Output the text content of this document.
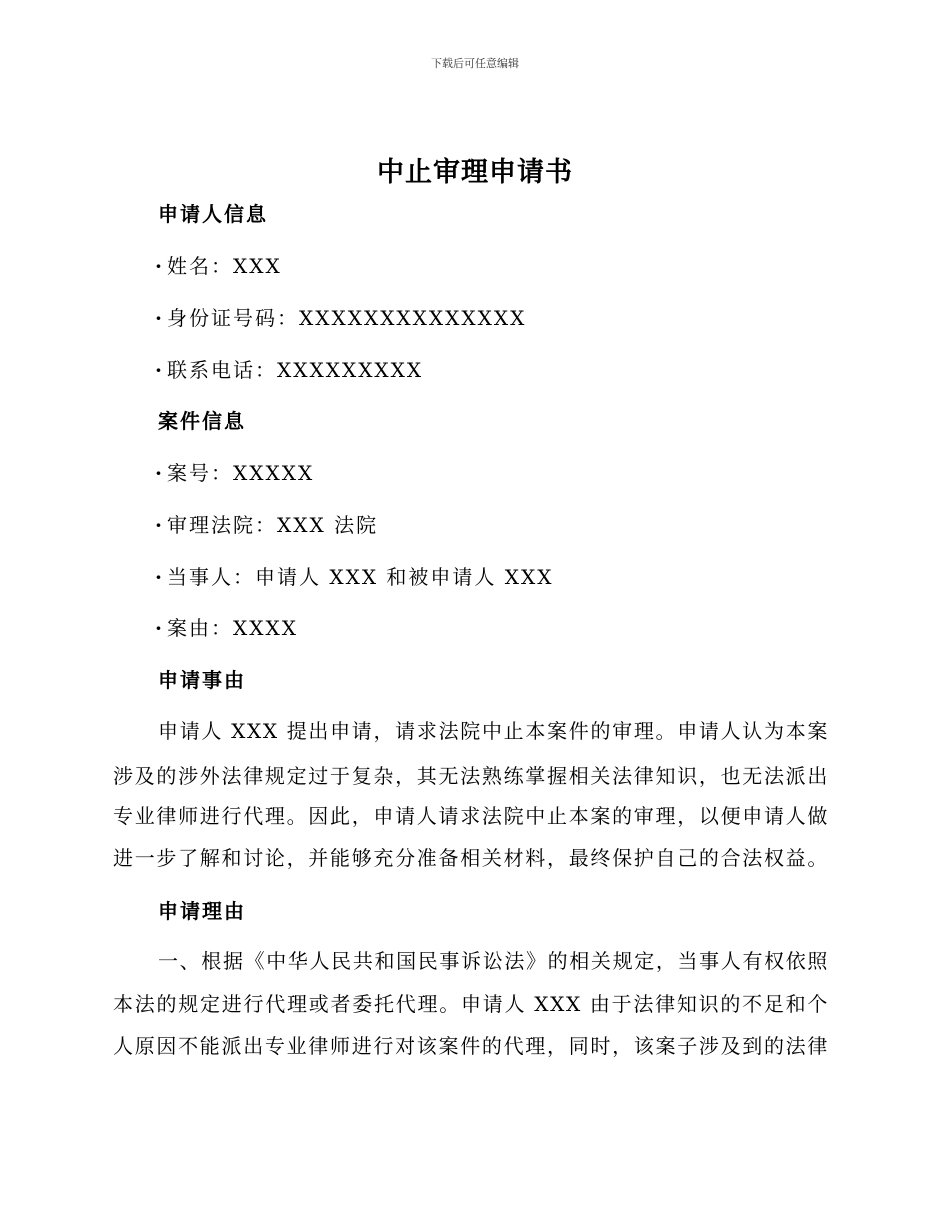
下载后可任意编辑
中止审理申请书
申请人信息
· 姓名：XXX
· 身份证号码：XXXXXXXXXXXXXX
· 联系电话：XXXXXXXXX
案件信息
· 案号：XXXXX
· 审理法院：XXX 法院
· 当事人：申请人 XXX 和被申请人 XXX
· 案由：XXXX
申请事由
申请人 XXX 提出申请，请求法院中止本案件的审理。申请人认为本案
涉及的涉外法律规定过于复杂，其无法熟练掌握相关法律知识，也无法派出
专业律师进行代理。因此，申请人请求法院中止本案的审理，以便申请人做
进一步了解和讨论，并能够充分准备相关材料，最终保护自己的合法权益。
申请理由
一、根据《中华人民共和国民事诉讼法》的相关规定，当事人有权依照
本法的规定进行代理或者委托代理。申请人 XXX 由于法律知识的不足和个
人原因不能派出专业律师进行对该案件的代理，同时，该案子涉及到的法律
